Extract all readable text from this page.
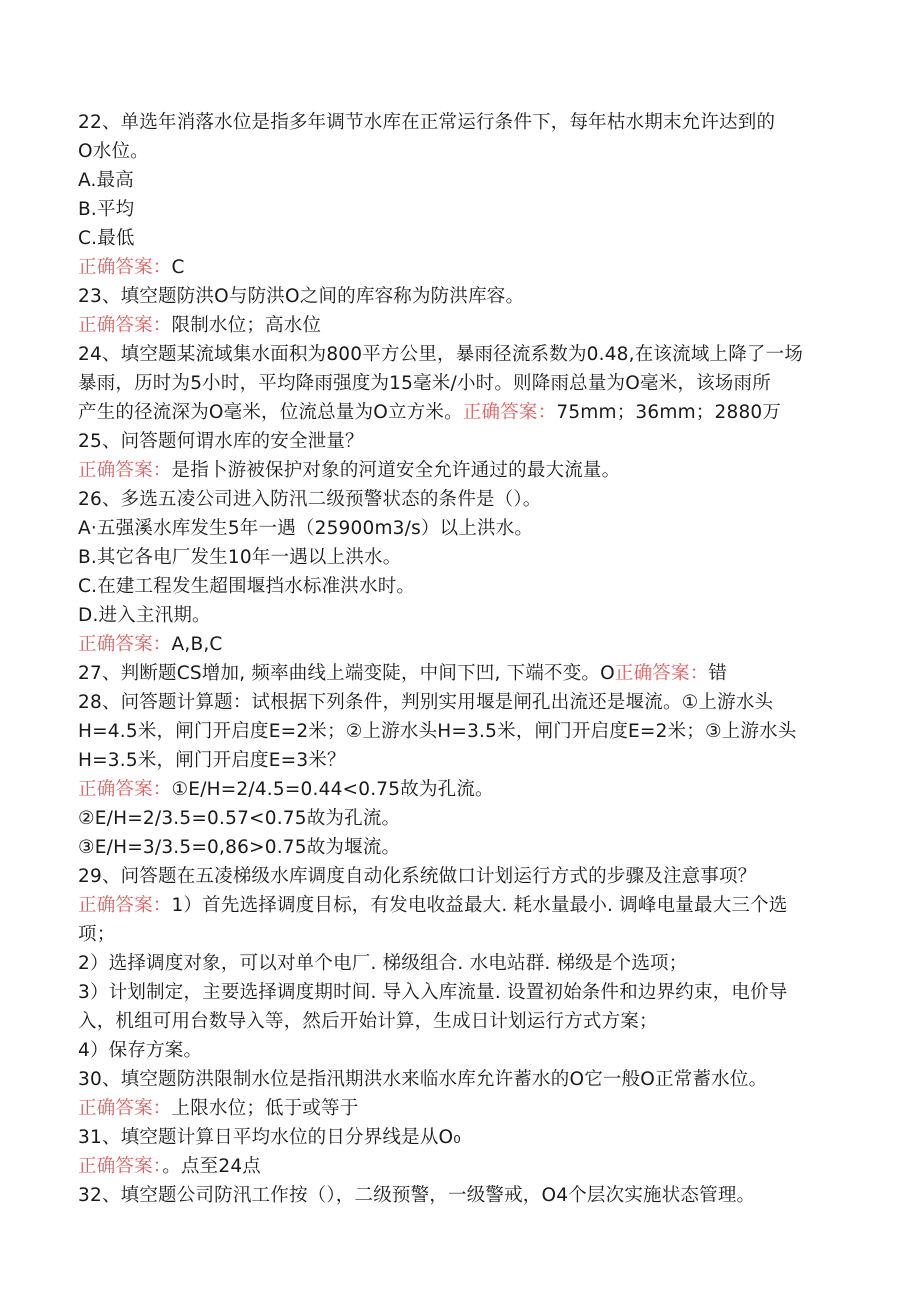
22、单选年消落水位是指多年调节水库在正常运行条件下，每年枯水期末允许达到的
O水位。
A.最高
B.平均
C.最低
正确答案：C
23、填空题防洪O与防洪O之间的库容称为防洪库容。
正确答案：限制水位；高水位
24、填空题某流域集水面积为800平方公里，暴雨径流系数为0.48,在该流域上降了一场
暴雨，历时为5小时，平均降雨强度为15毫米/小时。则降雨总量为O毫米，该场雨所
产生的径流深为O毫米，位流总量为O立方米。正确答案：75mm；36mm；2880万
25、问答题何谓水库的安全泄量？
正确答案：是指卜游被保护对象的河道安全允许通过的最大流量。
26、多选五凌公司进入防汛二级预警状态的条件是（）。
A·五强溪水库发生5年一遇（25900m3/s）以上洪水。
B.其它各电厂发生10年一遇以上洪水。
C.在建工程发生超围堰挡水标准洪水时。
D.进入主汛期。
正确答案：A,B,C
27、判断题CS增加, 频率曲线上端变陡，中间下凹, 下端不变。O正确答案：错
28、问答题计算题：试根据下列条件，判别实用堰是闸孔出流还是堰流。①上游水头
H=4.5米，闸门开启度E=2米；②上游水头H=3.5米，闸门开启度E=2米；③上游水头
H=3.5米，闸门开启度E=3米？
正确答案：①E/H=2/4.5=0.44<0.75故为孔流。
②E/H=2/3.5=0.57<0.75故为孔流。
③E/H=3/3.5=0,86>0.75故为堰流。
29、问答题在五凌梯级水库调度自动化系统做口计划运行方式的步骤及注意事项？
正确答案：1）首先选择调度目标，有发电收益最大. 耗水量最小. 调峰电量最大三个选
项；
2）选择调度对象，可以对单个电厂. 梯级组合. 水电站群. 梯级是个选项；
3）计划制定，主要选择调度期时间. 导入入库流量. 设置初始条件和边界约束，电价导
入，机组可用台数导入等，然后开始计算，生成日计划运行方式方案；
4）保存方案。
30、填空题防洪限制水位是指汛期洪水来临水库允许蓄水的O它一般O正常蓄水位。
正确答案：上限水位；低于或等于
31、填空题计算日平均水位的日分界线是从O₀
正确答案：。点至24点
32、填空题公司防汛工作按（），二级预警，一级警戒，O4个层次实施状态管理。
